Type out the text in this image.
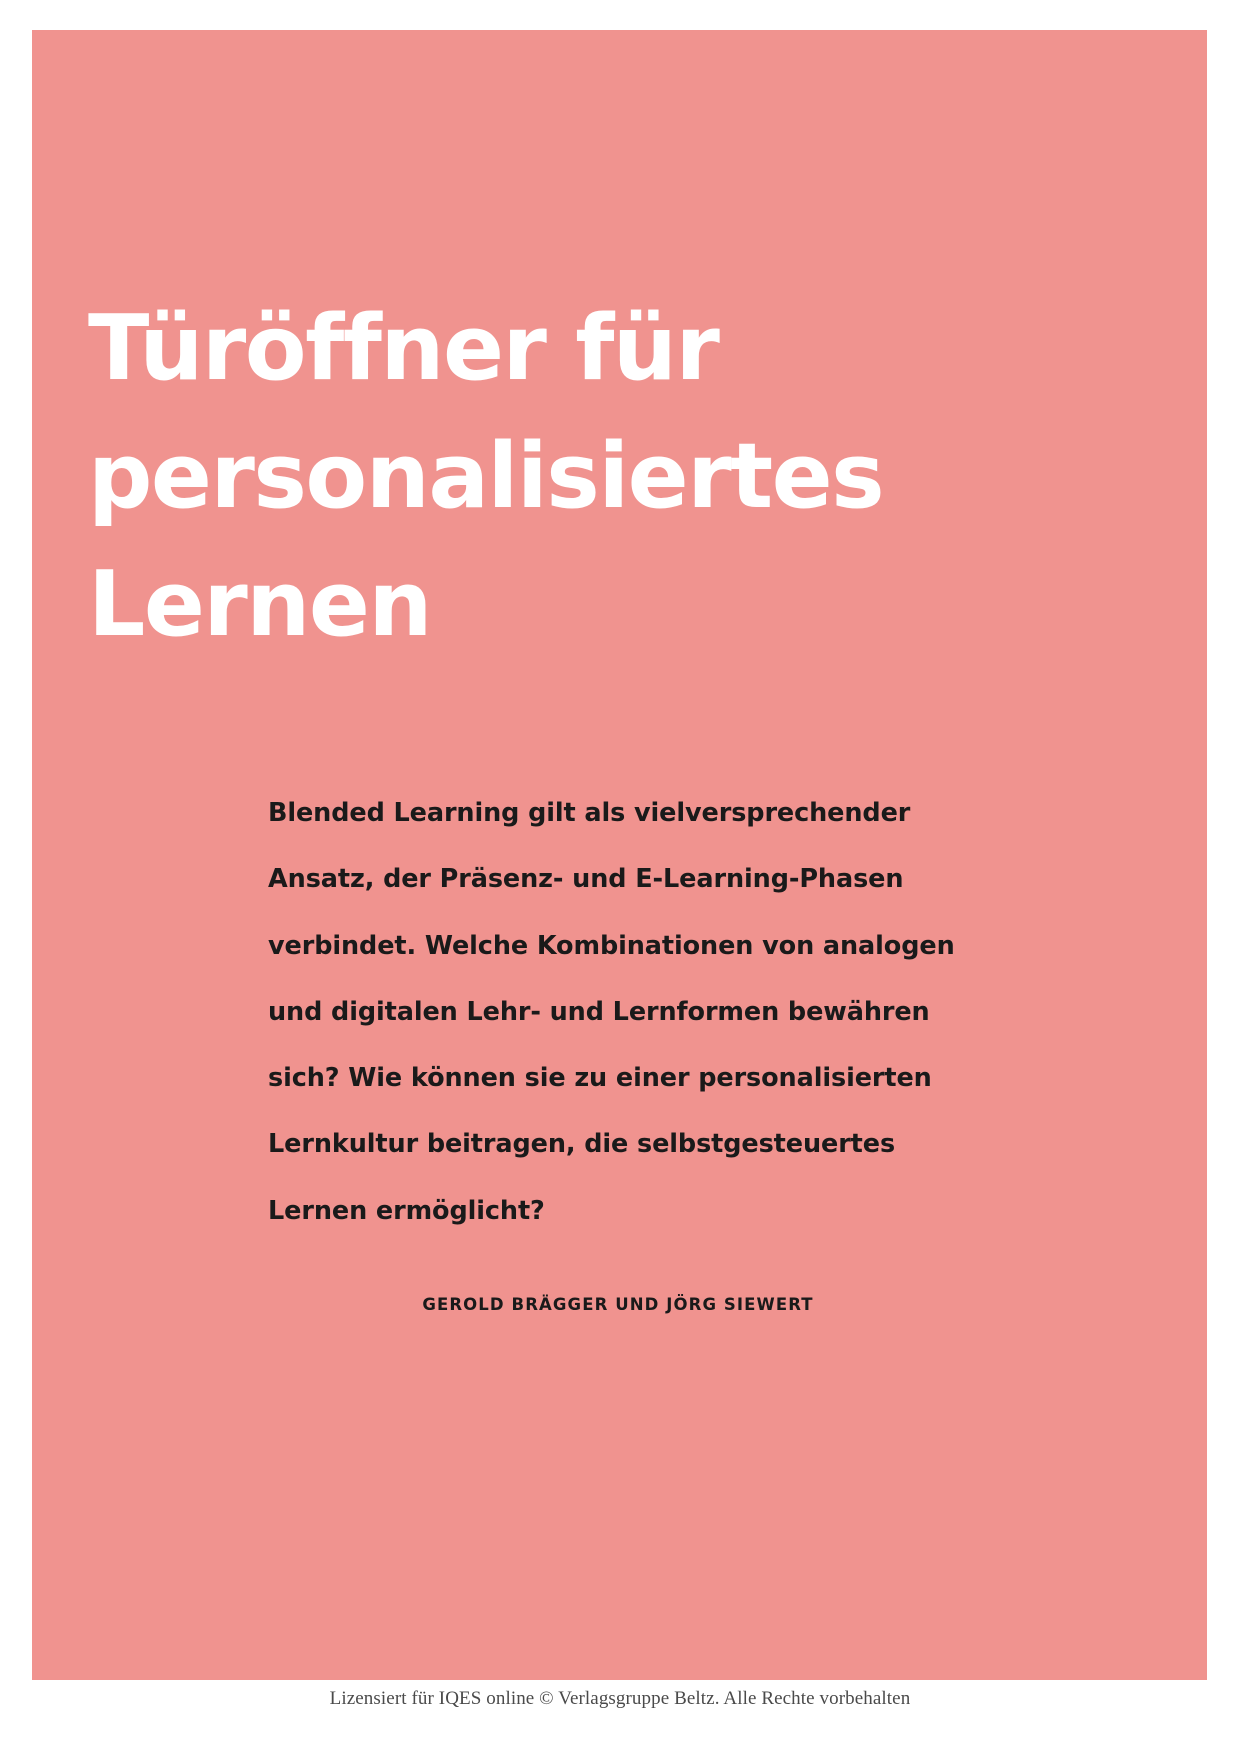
Türöffner für personalisiertes Lernen

Blended Learning gilt als vielversprechender Ansatz, der Präsenz- und E-Learning-Phasen verbindet. Welche Kombinationen von analogen und digitalen Lehr- und Lernformen bewähren sich? Wie können sie zu einer personalisierten Lernkultur beitragen, die selbstgesteuertes Lernen ermöglicht?

GEROLD BRÄGGER UND JÖRG SIEWERT
Lizensiert für IQES online © Verlagsgruppe Beltz. Alle Rechte vorbehalten
